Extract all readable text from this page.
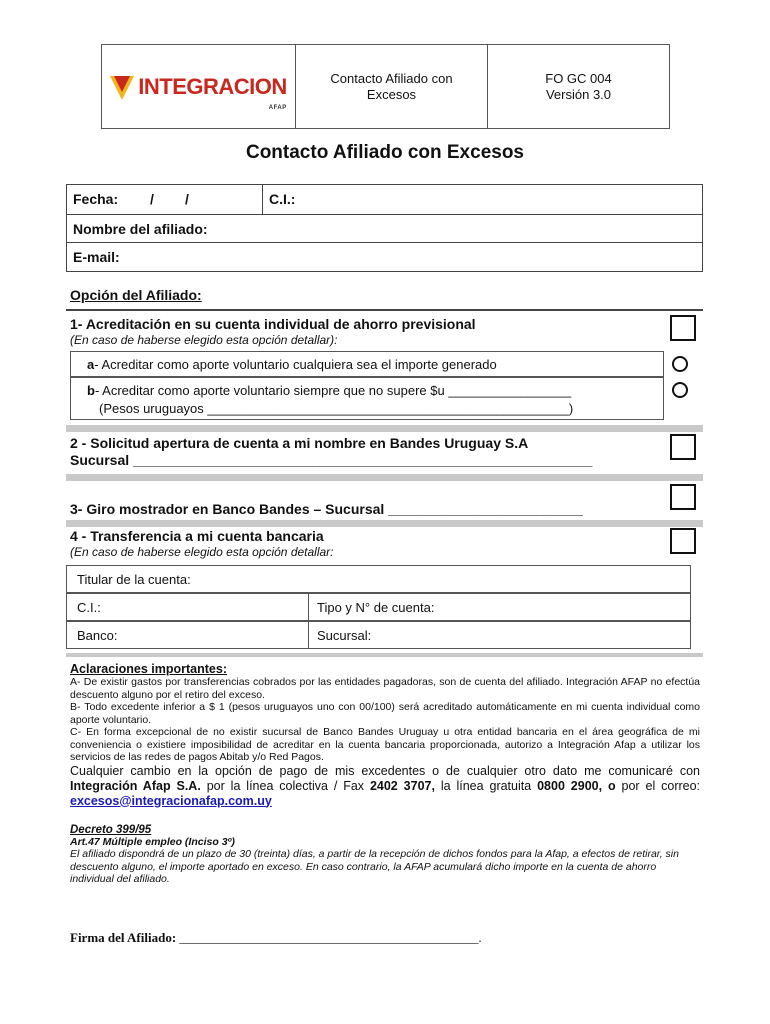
INTEGRACION
AFAP
Contacto Afiliado con
Excesos
FO GC 004
Versión 3.0
Contacto Afiliado con Excesos
Fecha: /        /	C.I.:
Nombre del afiliado:
E-mail:
Opción del Afiliado:
1- Acreditación en su cuenta individual de ahorro previsional
(En caso de haberse elegido esta opción detallar):
a- Acreditar como aporte voluntario cualquiera sea el importe generado
b- Acreditar como aporte voluntario siempre que no supere $u _________________
(Pesos uruguayos __________________________________________________)
2 - Solicitud apertura de cuenta a mi nombre en Bandes Uruguay S.A
Sucursal ___________________________________________________________
3- Giro mostrador en Banco Bandes – Sucursal _________________________
4 - Transferencia a mi cuenta bancaria
(En caso de haberse elegido esta opción detallar:
Titular de la cuenta:
C.I.:	Tipo y N° de cuenta:
Banco:	Sucursal:
Aclaraciones importantes:
A- De existir gastos por transferencias cobrados por las entidades pagadoras, son de cuenta del afiliado. Integración AFAP no efectúa descuento alguno por el retiro del exceso.
B- Todo excedente inferior a $ 1 (pesos uruguayos uno con 00/100) será acreditado automáticamente en mi cuenta individual como aporte voluntario.
C- En forma excepcional de no existir sucursal de Banco Bandes Uruguay u otra entidad bancaria en el área geográfica de mi conveniencia o existiere imposibilidad de acreditar en la cuenta bancaria proporcionada, autorizo a Integración Afap a utilizar los servicios de las redes de pagos Abitab y/o Red Pagos.
Cualquier cambio en la opción de pago de mis excedentes o de cualquier otro dato me comunicaré con Integración Afap S.A. por la línea colectiva / Fax 2402 3707, la línea gratuita 0800 2900, o por el correo: excesos@integracionafap.com.uy
Decreto 399/95
Art.47 Múltiple empleo (Inciso 3º)
El afiliado dispondrá de un plazo de 30 (treinta) días, a partir de la recepción de dichos fondos para la Afap, a efectos de retirar, sin descuento alguno, el importe aportado en exceso. En caso contrario, la AFAP acumulará dicho importe en la cuenta de ahorro individual del afiliado.
Firma del Afiliado: ______________________________________________.
